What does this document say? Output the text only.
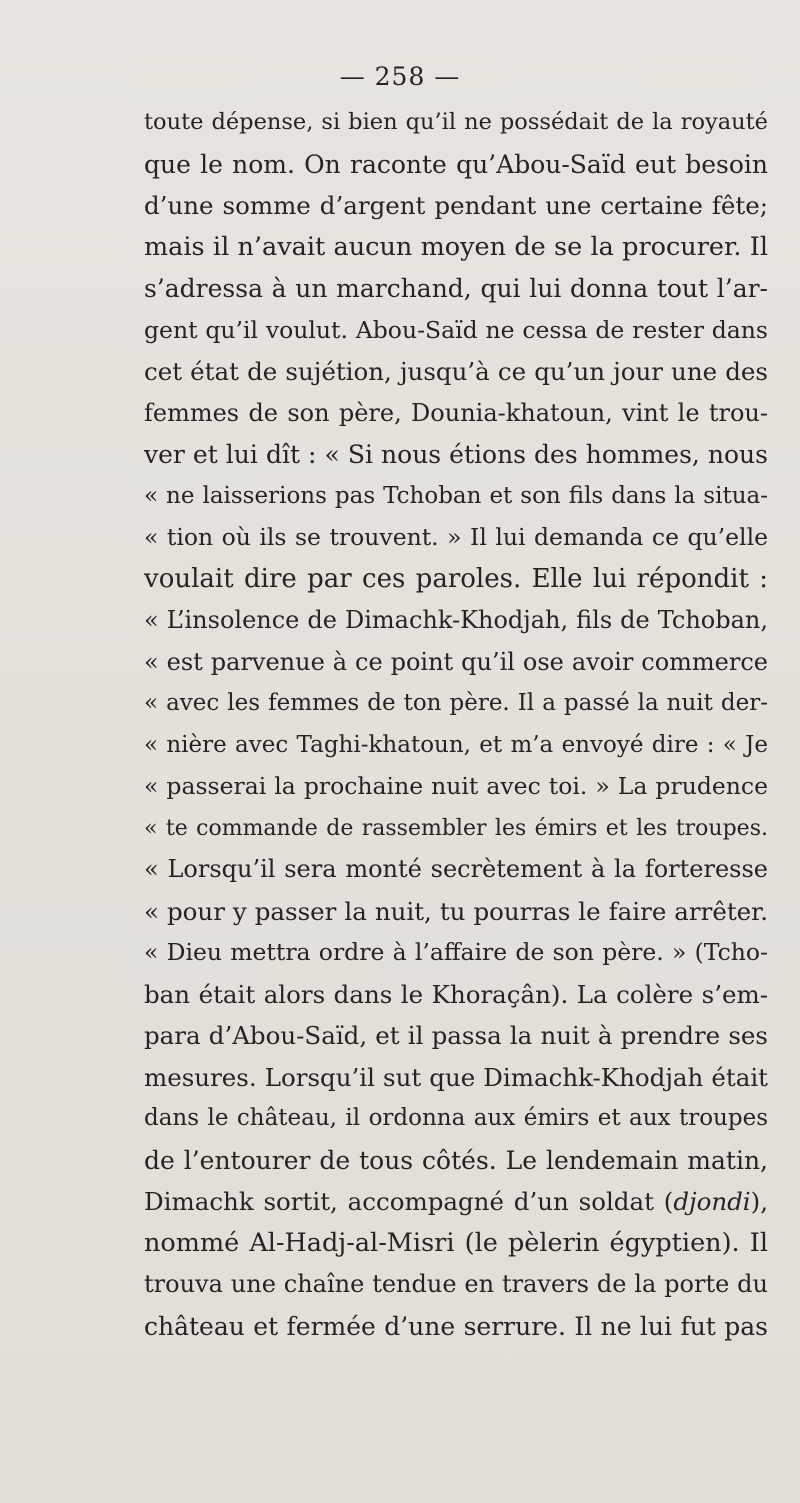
— 258 —
toute dépense, si bien qu’il ne possédait de la royauté
que le nom. On raconte qu’Abou-Saïd eut besoin
d’une somme d’argent pendant une certaine fête;
mais il n’avait aucun moyen de se la procurer. Il
s’adressa à un marchand, qui lui donna tout l’ar-
gent qu’il voulut. Abou-Saïd ne cessa de rester dans
cet état de sujétion, jusqu’à ce qu’un jour une des
femmes de son père, Dounia-khatoun, vint le trou-
ver et lui dît : « Si nous étions des hommes, nous
« ne laisserions pas Tchoban et son fils dans la situa-
« tion où ils se trouvent. » Il lui demanda ce qu’elle
voulait dire par ces paroles. Elle lui répondit :
« L’insolence de Dimachk-Khodjah, fils de Tchoban,
« est parvenue à ce point qu’il ose avoir commerce
« avec les femmes de ton père. Il a passé la nuit der-
« nière avec Taghi-khatoun, et m’a envoyé dire : « Je
« passerai la prochaine nuit avec toi. » La prudence
« te commande de rassembler les émirs et les troupes.
« Lorsqu’il sera monté secrètement à la forteresse
« pour y passer la nuit, tu pourras le faire arrêter.
« Dieu mettra ordre à l’affaire de son père. » (Tcho-
ban était alors dans le Khoraçân). La colère s’em-
para d’Abou-Saïd, et il passa la nuit à prendre ses
mesures. Lorsqu’il sut que Dimachk-Khodjah était
dans le château, il ordonna aux émirs et aux troupes
de l’entourer de tous côtés. Le lendemain matin,
Dimachk sortit, accompagné d’un soldat (djondi),
nommé Al-Hadj-al-Misri (le pèlerin égyptien). Il
trouva une chaîne tendue en travers de la porte du
château et fermée d’une serrure. Il ne lui fut pas
